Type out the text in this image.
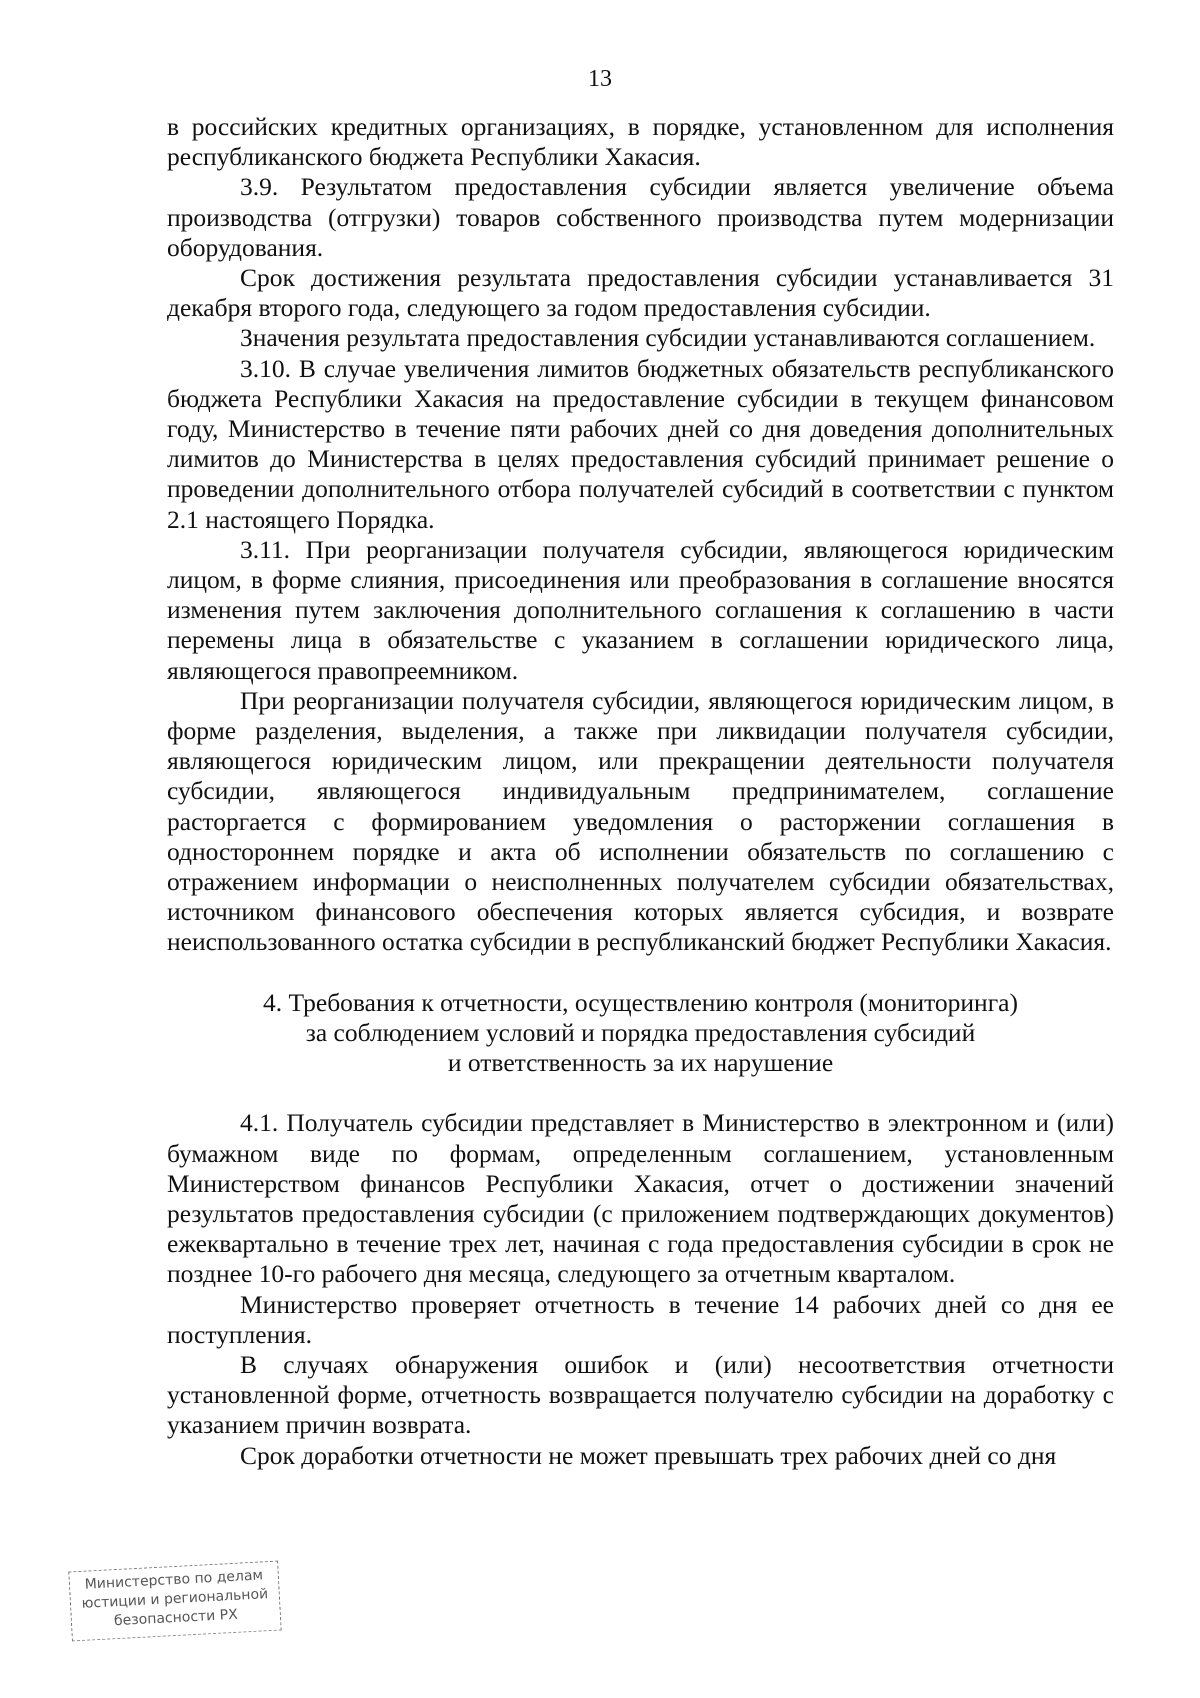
13

в российских кредитных организациях, в порядке, установленном для исполнения республиканского бюджета Республики Хакасия.

3.9. Результатом предоставления субсидии является увеличение объема производства (отгрузки) товаров собственного производства путем модернизации оборудования.

Срок достижения результата предоставления субсидии устанавливается 31 декабря второго года, следующего за годом предоставления субсидии.

Значения результата предоставления субсидии устанавливаются соглашением.

3.10. В случае увеличения лимитов бюджетных обязательств республиканского бюджета Республики Хакасия на предоставление субсидии в текущем финансовом году, Министерство в течение пяти рабочих дней со дня доведения дополнительных лимитов до Министерства в целях предоставления субсидий принимает решение о проведении дополнительного отбора получателей субсидий в соответствии с пунктом 2.1 настоящего Порядка.

3.11. При реорганизации получателя субсидии, являющегося юридическим лицом, в форме слияния, присоединения или преобразования в соглашение вносятся изменения путем заключения дополнительного соглашения к соглашению в части перемены лица в обязательстве с указанием в соглашении юридического лица, являющегося правопреемником.

При реорганизации получателя субсидии, являющегося юридическим лицом, в форме разделения, выделения, а также при ликвидации получателя субсидии, являющегося юридическим лицом, или прекращении деятельности получателя субсидии, являющегося индивидуальным предпринимателем, соглашение расторгается с формированием уведомления о расторжении соглашения в одностороннем порядке и акта об исполнении обязательств по соглашению с отражением информации о неисполненных получателем субсидии обязательствах, источником финансового обеспечения которых является субсидия, и возврате неиспользованного остатка субсидии в республиканский бюджет Республики Хакасия.

4. Требования к отчетности, осуществлению контроля (мониторинга)
за соблюдением условий и порядка предоставления субсидий
и ответственность за их нарушение

4.1. Получатель субсидии представляет в Министерство в электронном и (или) бумажном виде по формам, определенным соглашением, установленным Министерством финансов Республики Хакасия, отчет о достижении значений результатов предоставления субсидии (с приложением подтверждающих документов) ежеквартально в течение трех лет, начиная с года предоставления субсидии в срок не позднее 10-го рабочего дня месяца, следующего за отчетным кварталом.

Министерство проверяет отчетность в течение 14 рабочих дней со дня ее поступления.

В случаях обнаружения ошибок и (или) несоответствия отчетности установленной форме, отчетность возвращается получателю субсидии на доработку с указанием причин возврата.

Срок доработки отчетности не может превышать трех рабочих дней со дня

Министерство по делам
юстиции и региональной
безопасности РХ
